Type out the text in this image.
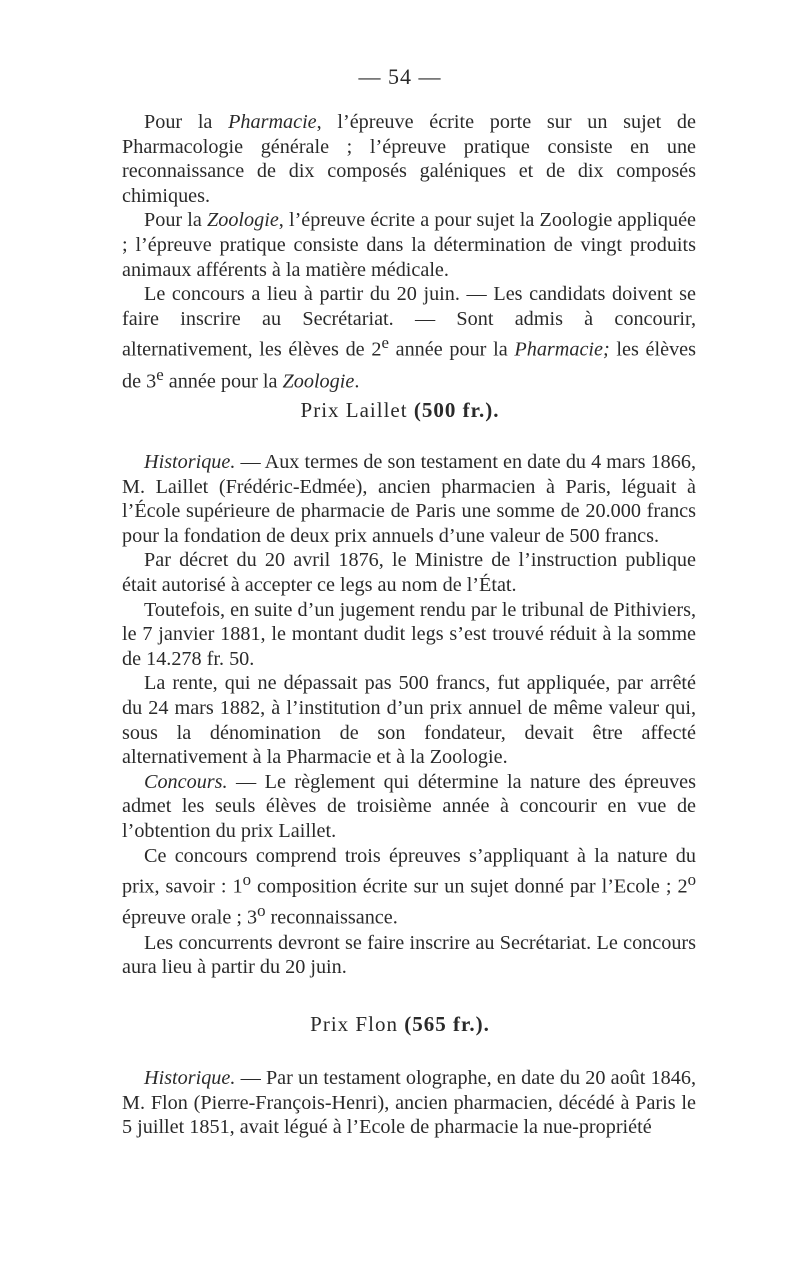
— 54 —

Pour la Pharmacie, l’épreuve écrite porte sur un sujet de Pharmacologie générale ; l’épreuve pratique consiste en une reconnaissance de dix composés galéniques et de dix composés chimiques.

Pour la Zoologie, l’épreuve écrite a pour sujet la Zoologie appliquée ; l’épreuve pratique consiste dans la détermination de vingt produits animaux afférents à la matière médicale.

Le concours a lieu à partir du 20 juin. — Les candidats doivent se faire inscrire au Secrétariat. — Sont admis à concourir, alternativement, les élèves de 2e année pour la Pharmacie; les élèves de 3e année pour la Zoologie.

Prix Laillet (500 fr.).

Historique. — Aux termes de son testament en date du 4 mars 1866, M. Laillet (Frédéric-Edmée), ancien pharmacien à Paris, léguait à l’École supérieure de pharmacie de Paris une somme de 20.000 francs pour la fondation de deux prix annuels d’une valeur de 500 francs.

Par décret du 20 avril 1876, le Ministre de l’instruction publique était autorisé à accepter ce legs au nom de l’État.

Toutefois, en suite d’un jugement rendu par le tribunal de Pithiviers, le 7 janvier 1881, le montant dudit legs s’est trouvé réduit à la somme de 14.278 fr. 50.

La rente, qui ne dépassait pas 500 francs, fut appliquée, par arrêté du 24 mars 1882, à l’institution d’un prix annuel de même valeur qui, sous la dénomination de son fondateur, devait être affecté alternativement à la Pharmacie et à la Zoologie.

Concours. — Le règlement qui détermine la nature des épreuves admet les seuls élèves de troisième année à concourir en vue de l’obtention du prix Laillet.

Ce concours comprend trois épreuves s’appliquant à la nature du prix, savoir : 1$^o$ composition écrite sur un sujet donné par l’Ecole ; 2$^o$ épreuve orale ; 3$^o$ reconnaissance.

Les concurrents devront se faire inscrire au Secrétariat. Le concours aura lieu à partir du 20 juin.

Prix Flon (565 fr.).

Historique. — Par un testament olographe, en date du 20 août 1846, M. Flon (Pierre-François-Henri), ancien pharmacien, décédé à Paris le 5 juillet 1851, avait légué à l’Ecole de pharmacie la nue-propriété
